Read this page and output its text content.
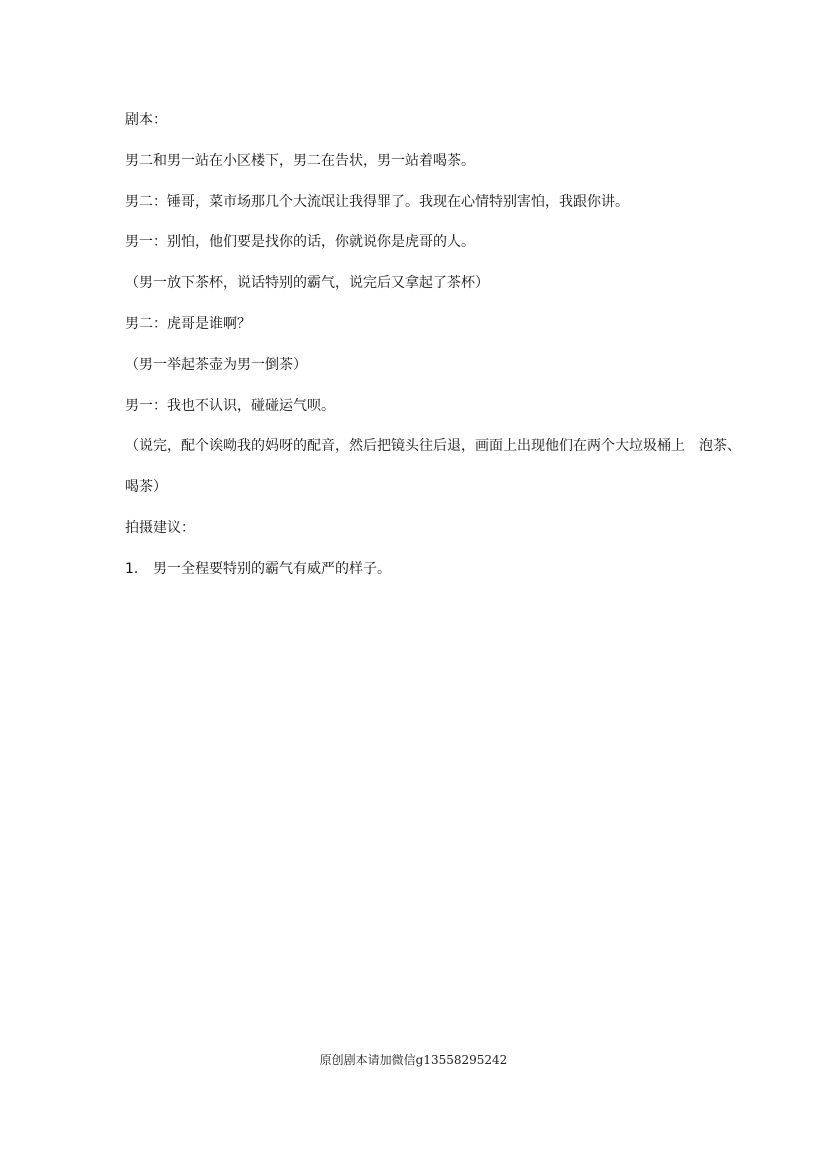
剧本：
男二和男一站在小区楼下，男二在告状，男一站着喝茶。
男二：锤哥，菜市场那几个大流氓让我得罪了。我现在心情特别害怕，我跟你讲。
男一：别怕，他们要是找你的话，你就说你是虎哥的人。
（男一放下茶杯，说话特别的霸气，说完后又拿起了茶杯）
男二：虎哥是谁啊？
（男一举起茶壶为男一倒茶）
男一：我也不认识，碰碰运气呗。
（说完，配个诶呦我的妈呀的配音，然后把镜头往后退，画面上出现他们在两个大垃圾桶上　泡茶、
喝茶）
拍摄建议：
1． 男一全程要特别的霸气有威严的样子。
原创剧本请加微信g13558295242
